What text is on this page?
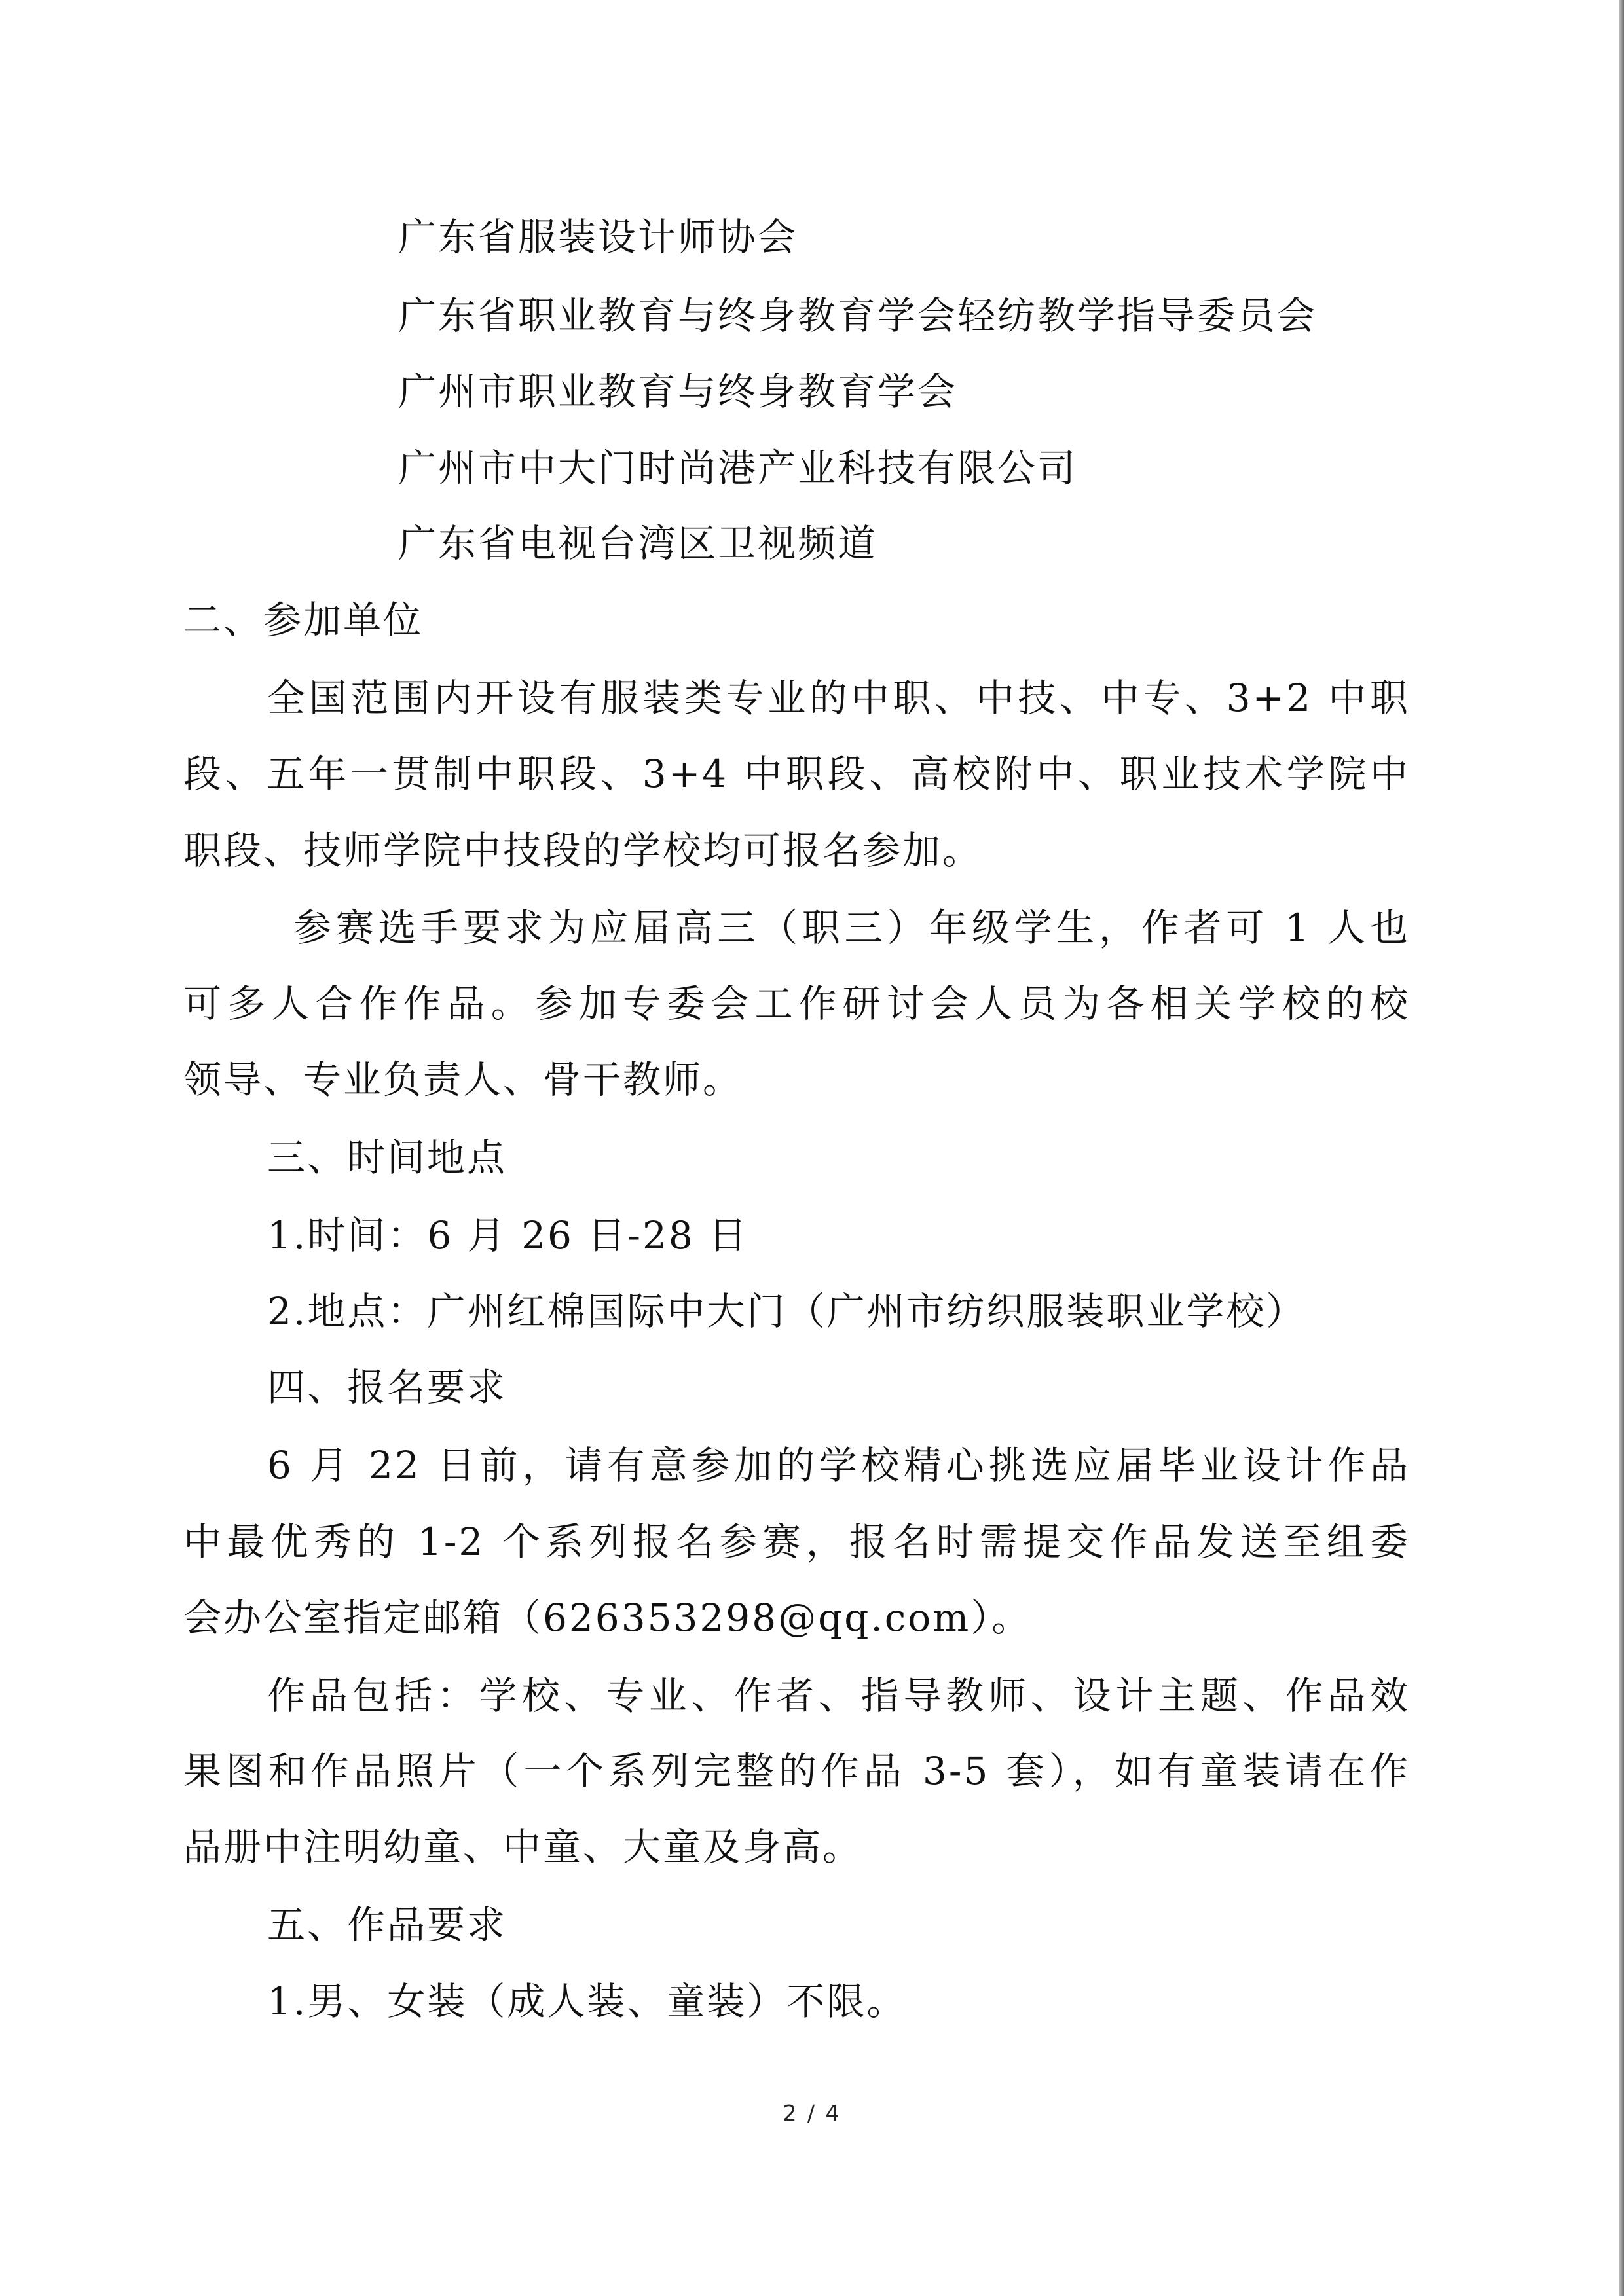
广东省服装设计师协会

广东省职业教育与终身教育学会轻纺教学指导委员会

广州市职业教育与终身教育学会

广州市中大门时尚港产业科技有限公司

广东省电视台湾区卫视频道

二、参加单位

全国范围内开设有服装类专业的中职、中技、中专、3+2 中职

段、五年一贯制中职段、3+4 中职段、高校附中、职业技术学院中

职段、技师学院中技段的学校均可报名参加。

参赛选手要求为应届高三（职三）年级学生，作者可 1 人也

可多人合作作品。参加专委会工作研讨会人员为各相关学校的校

领导、专业负责人、骨干教师。

三、时间地点

1.时间：6 月 26 日-28 日

2.地点：广州红棉国际中大门（广州市纺织服装职业学校）

四、报名要求

6 月 22 日前，请有意参加的学校精心挑选应届毕业设计作品

中最优秀的 1-2 个系列报名参赛，报名时需提交作品发送至组委

会办公室指定邮箱（626353298@qq.com）。

作品包括：学校、专业、作者、指导教师、设计主题、作品效

果图和作品照片（一个系列完整的作品 3-5 套），如有童装请在作

品册中注明幼童、中童、大童及身高。

五、作品要求

1.男、女装（成人装、童装）不限。

2 / 4
